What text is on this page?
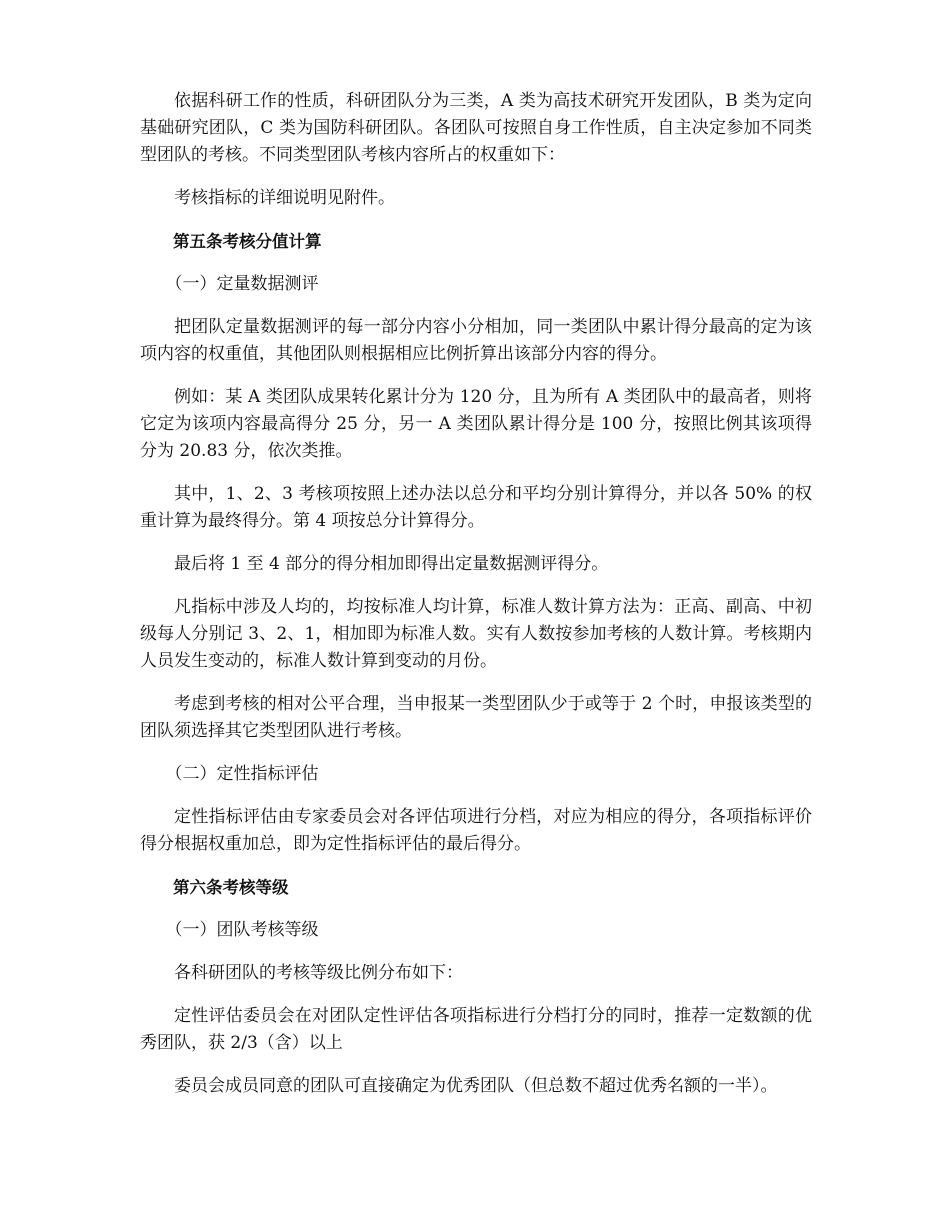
依据科研工作的性质，科研团队分为三类，A 类为高技术研究开发团队，B 类为定向基础研究团队，C 类为国防科研团队。各团队可按照自身工作性质，自主决定参加不同类型团队的考核。不同类型团队考核内容所占的权重如下：

考核指标的详细说明见附件。

第五条考核分值计算

（一）定量数据测评

把团队定量数据测评的每一部分内容小分相加，同一类团队中累计得分最高的定为该项内容的权重值，其他团队则根据相应比例折算出该部分内容的得分。

例如：某 A 类团队成果转化累计分为 120 分，且为所有 A 类团队中的最高者，则将它定为该项内容最高得分 25 分，另一 A 类团队累计得分是 100 分，按照比例其该项得分为 20.83 分，依次类推。

其中，1、2、3 考核项按照上述办法以总分和平均分别计算得分，并以各 50% 的权重计算为最终得分。第 4 项按总分计算得分。

最后将 1 至 4 部分的得分相加即得出定量数据测评得分。

凡指标中涉及人均的，均按标准人均计算，标准人数计算方法为：正高、副高、中初级每人分别记 3、2、1，相加即为标准人数。实有人数按参加考核的人数计算。考核期内人员发生变动的，标准人数计算到变动的月份。

考虑到考核的相对公平合理，当申报某一类型团队少于或等于 2 个时，申报该类型的团队须选择其它类型团队进行考核。

（二）定性指标评估

定性指标评估由专家委员会对各评估项进行分档，对应为相应的得分，各项指标评价得分根据权重加总，即为定性指标评估的最后得分。

第六条考核等级

（一）团队考核等级

各科研团队的考核等级比例分布如下：

定性评估委员会在对团队定性评估各项指标进行分档打分的同时，推荐一定数额的优秀团队，获 2/3（含）以上

委员会成员同意的团队可直接确定为优秀团队（但总数不超过优秀名额的一半）。
